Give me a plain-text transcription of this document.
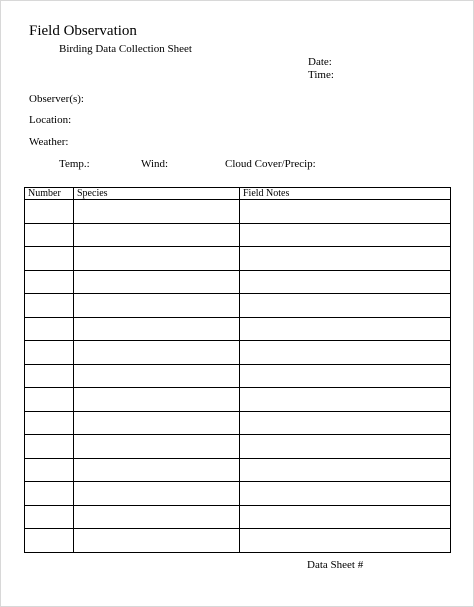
Field Observation
Birding Data Collection Sheet
Date:
Time:
Observer(s):
Location:
Weather:
Temp.:	Wind:	Cloud Cover/Precip:
Number	Species	Field Notes

Data Sheet #
